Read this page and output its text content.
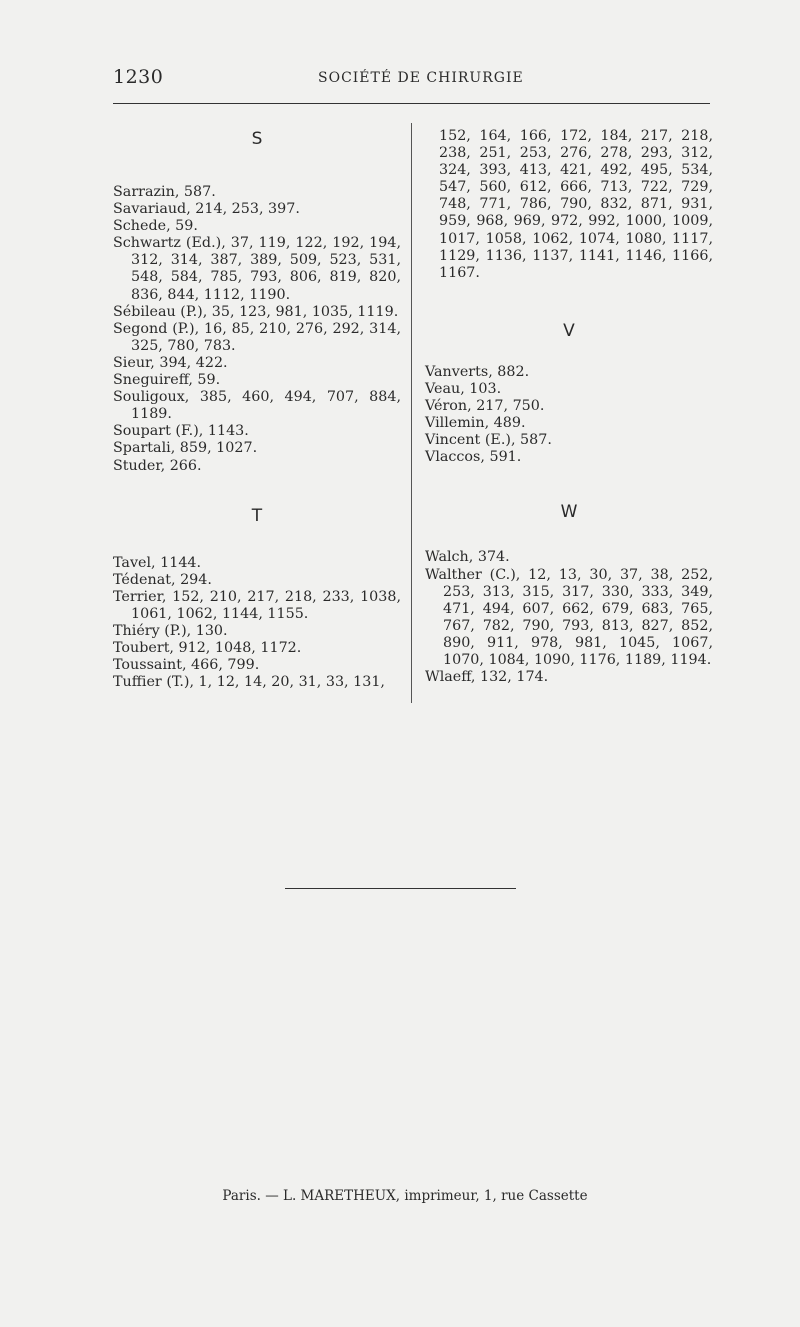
1230	SOCIÉTÉ DE CHIRURGIE
S
Sarrazin, 587.
Savariaud, 214, 253, 397.
Schede, 59.
Schwartz (Ed.), 37, 119, 122, 192, 194, 312, 314, 387, 389, 509, 523, 531, 548, 584, 785, 793, 806, 819, 820, 836, 844, 1112, 1190.
Sébileau (P.), 35, 123, 981, 1035, 1119.
Segond (P.), 16, 85, 210, 276, 292, 314, 325, 780, 783.
Sieur, 394, 422.
Sneguireff, 59.
Souligoux, 385, 460, 494, 707, 884, 1189.
Soupart (F.), 1143.
Spartali, 859, 1027.
Studer, 266.
T
Tavel, 1144.
Tédenat, 294.
Terrier, 152, 210, 217, 218, 233, 1038, 1061, 1062, 1144, 1155.
Thiéry (P.), 130.
Toubert, 912, 1048, 1172.
Toussaint, 466, 799.
Tuffier (T.), 1, 12, 14, 20, 31, 33, 131,
152, 164, 166, 172, 184, 217, 218, 238, 251, 253, 276, 278, 293, 312, 324, 393, 413, 421, 492, 495, 534, 547, 560, 612, 666, 713, 722, 729, 748, 771, 786, 790, 832, 871, 931, 959, 968, 969, 972, 992, 1000, 1009, 1017, 1058, 1062, 1074, 1080, 1117, 1129, 1136, 1137, 1141, 1146, 1166, 1167.
V
Vanverts, 882.
Veau, 103.
Véron, 217, 750.
Villemin, 489.
Vincent (E.), 587.
Vlaccos, 591.
W
Walch, 374.
Walther (C.), 12, 13, 30, 37, 38, 252, 253, 313, 315, 317, 330, 333, 349, 471, 494, 607, 662, 679, 683, 765, 767, 782, 790, 793, 813, 827, 852, 890, 911, 978, 981, 1045, 1067, 1070, 1084, 1090, 1176, 1189, 1194.
Wlaeff, 132, 174.
Paris. — L. MARETHEUX, imprimeur, 1, rue Cassette
